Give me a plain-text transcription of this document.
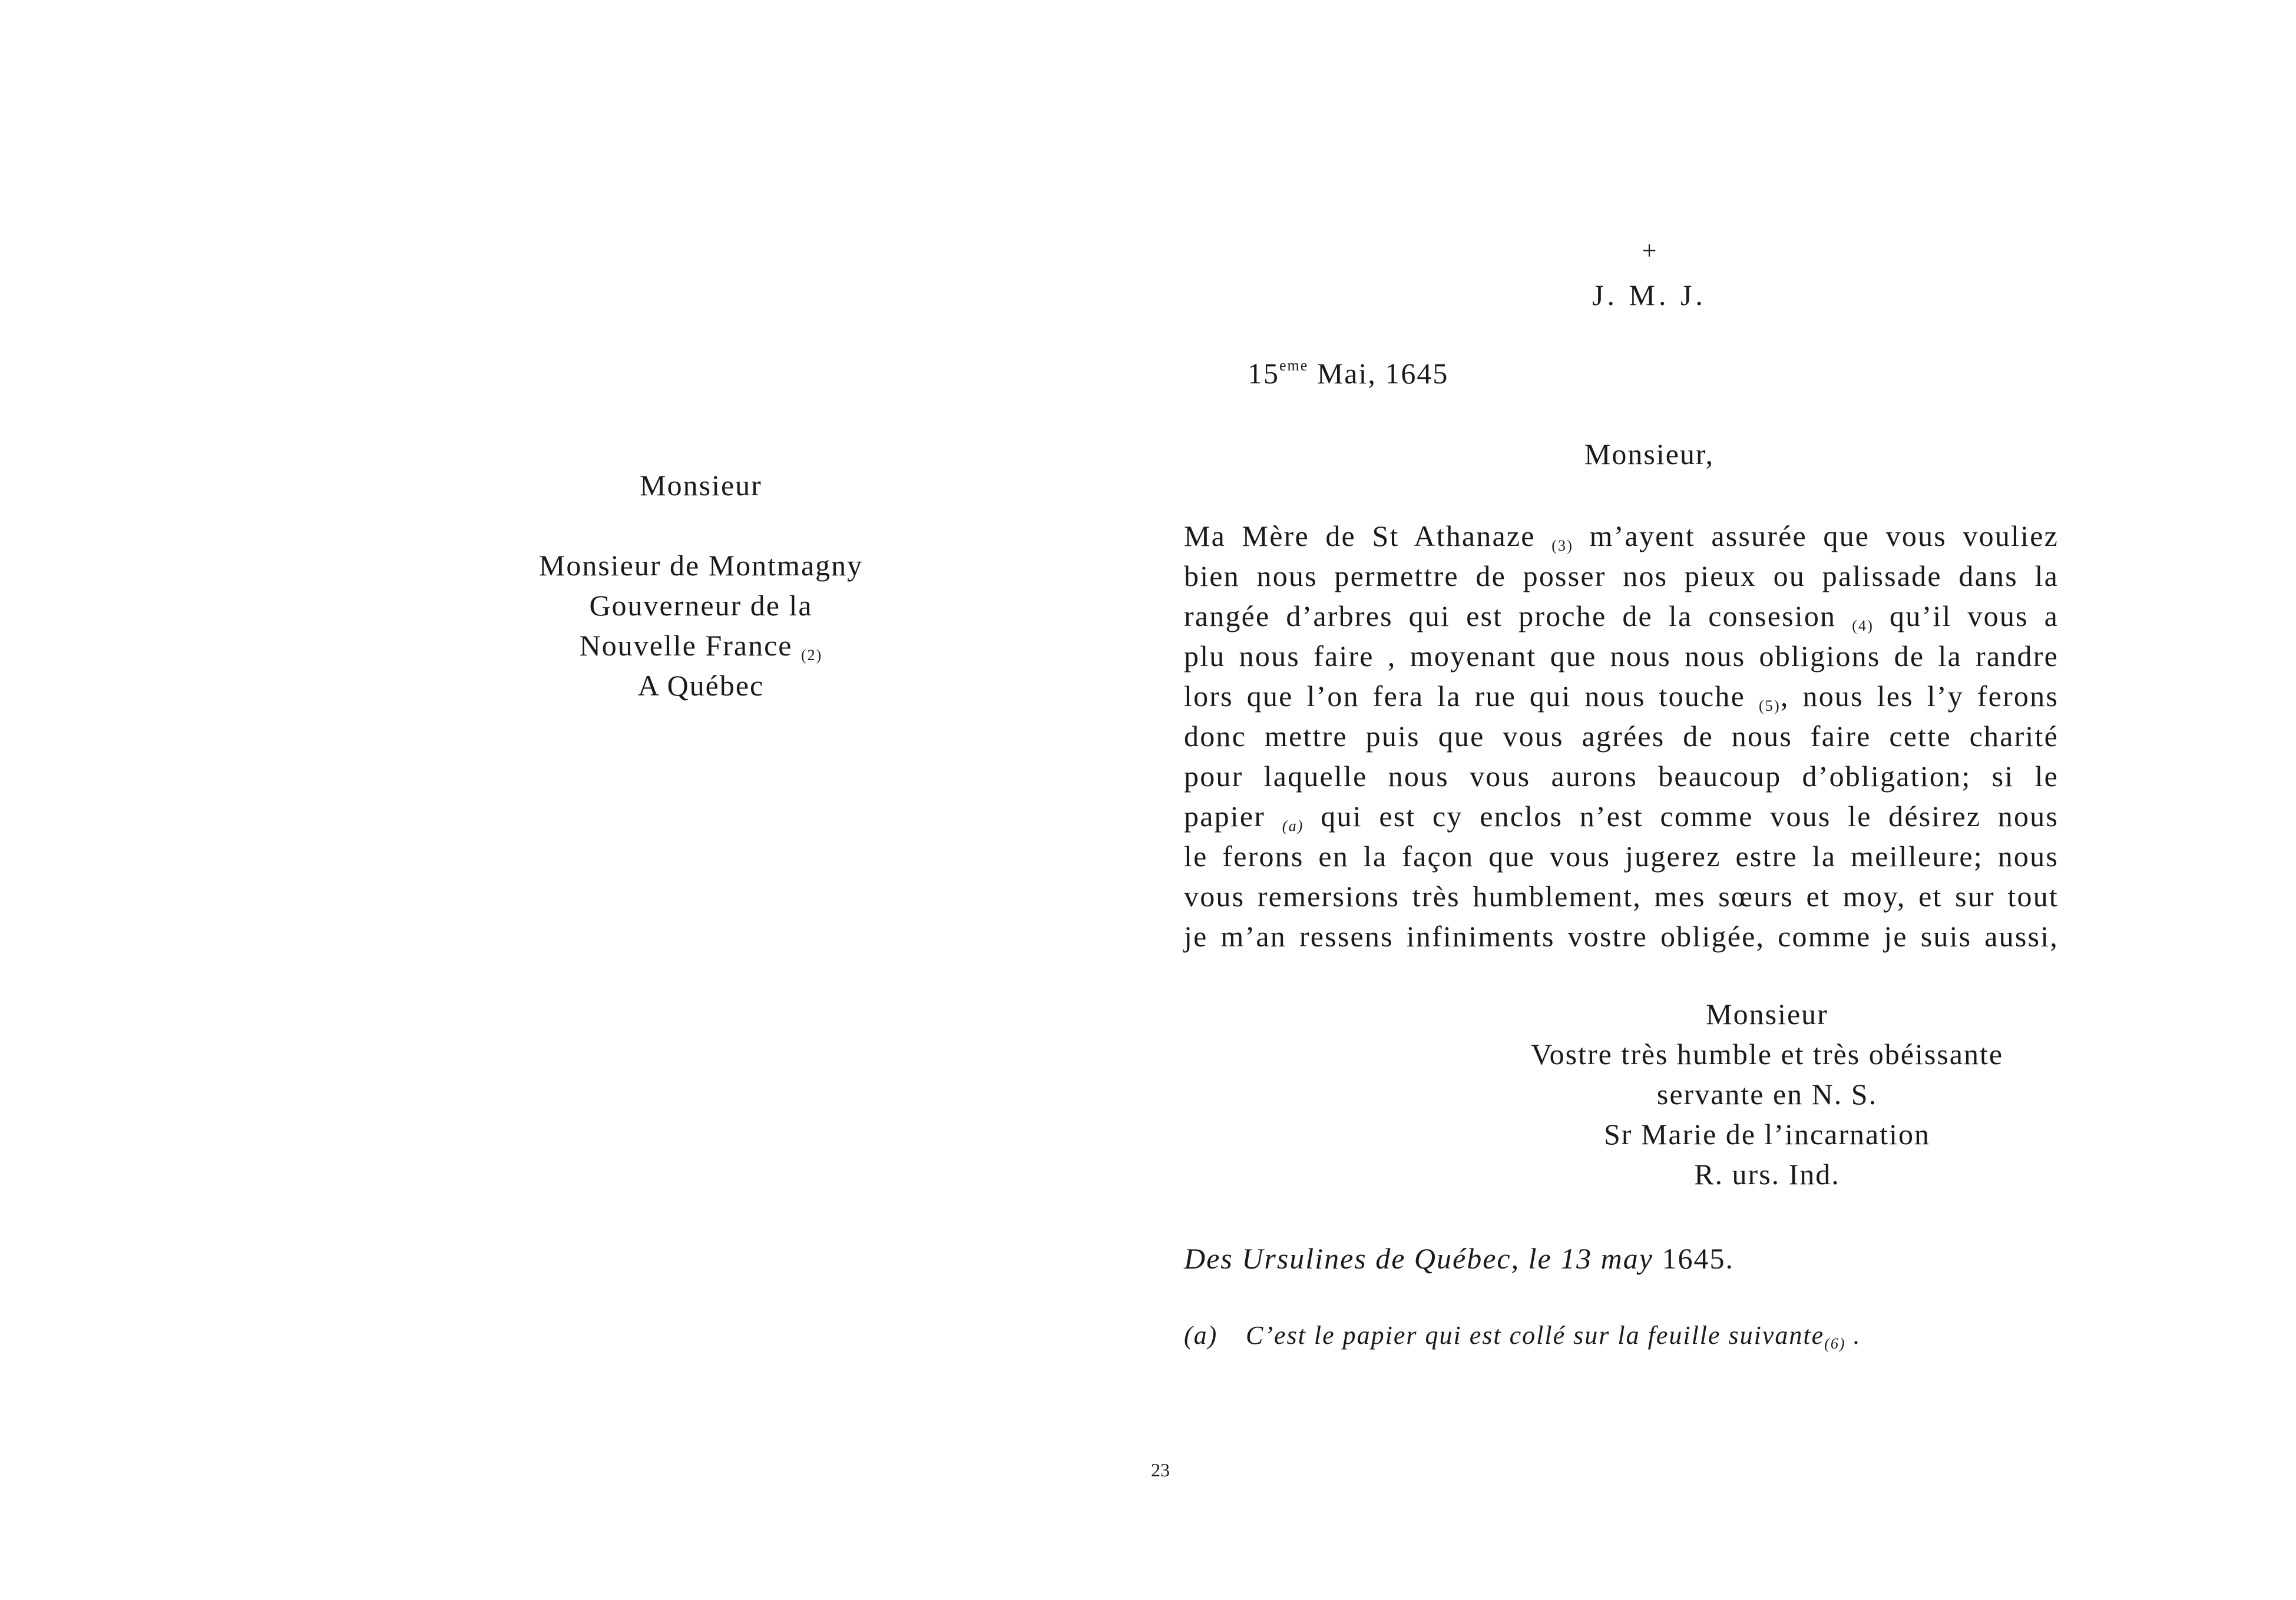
Monsieur
Monsieur de Montmagny
Gouverneur de la
Nouvelle France $_{(2)}$
A Québec
+
J. M. J.
15eme Mai, 1645
Monsieur,
Ma Mère de St Athanaze $_{(3)}$ m’ayent assurée que vous vouliez
bien nous permettre de posser nos pieux ou palissade dans la
rangée d’arbres qui est proche de la consesion $_{(4)}$ qu’il vous a
plu nous faire , moyenant que nous nous obligions de la randre
lors que l’on fera la rue qui nous touche $_{(5)}$, nous les l’y ferons
donc mettre puis que vous agrées de nous faire cette charité
pour laquelle nous vous aurons beaucoup d’obligation; si le
papier $_{(a)}$ qui est cy enclos n’est comme vous le désirez nous
le ferons en la façon que vous jugerez estre la meilleure; nous
vous remersions très humblement, mes sœurs et moy, et sur tout
je m’an ressens infiniments vostre obligée, comme je suis aussi,
Monsieur
Vostre très humble et très obéissante
servante en N. S.
Sr Marie de l’incarnation
R. urs. Ind.
Des Ursulines de Québec, le 13 may 1645.
(a) C’est le papier qui est collé sur la feuille suivante$_{(6)}$ .
23
